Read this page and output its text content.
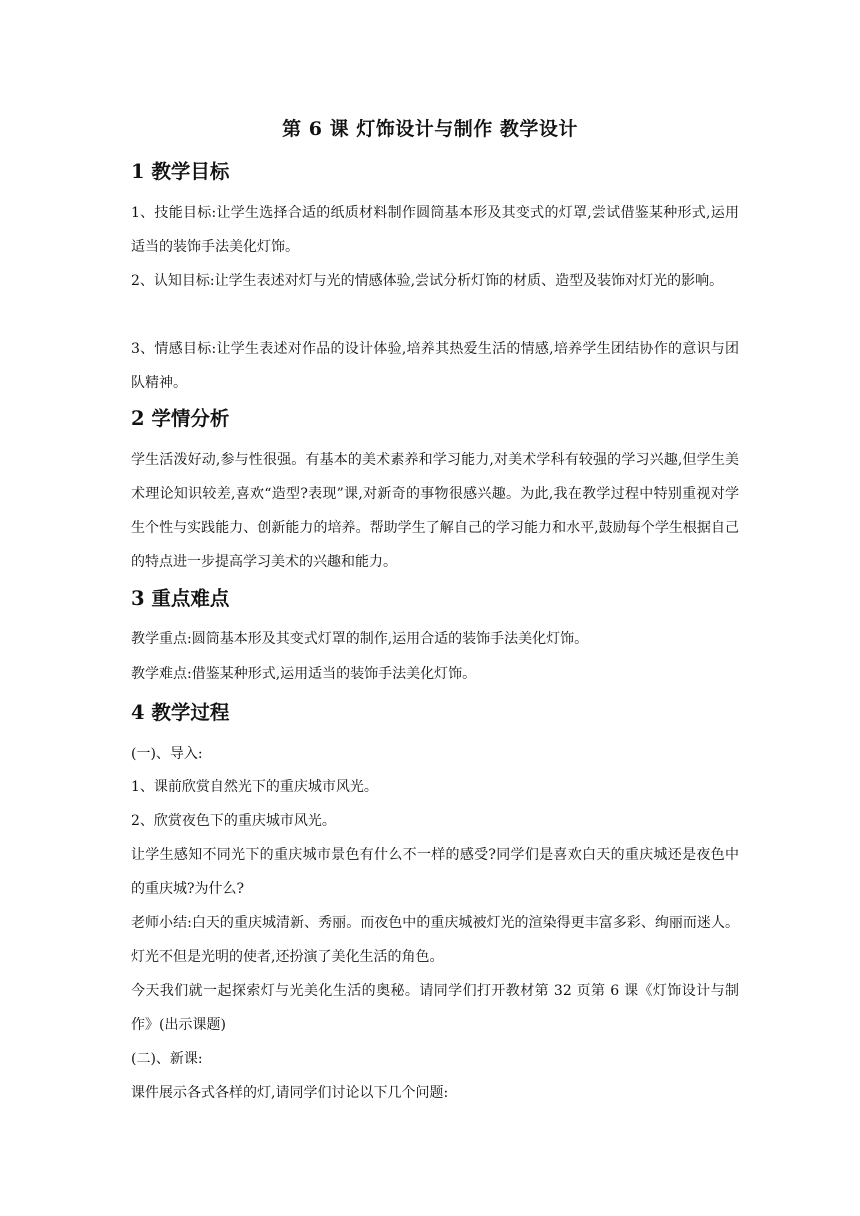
第 6 课 灯饰设计与制作 教学设计
1 教学目标

1、技能目标:让学生选择合适的纸质材料制作圆筒基本形及其变式的灯罩,尝试借鉴某种形式,运用适当的装饰手法美化灯饰。

2、认知目标:让学生表述对灯与光的情感体验,尝试分析灯饰的材质、造型及装饰对灯光的影响。

3、情感目标:让学生表述对作品的设计体验,培养其热爱生活的情感,培养学生团结协作的意识与团队精神。

2 学情分析

学生活泼好动,参与性很强。有基本的美术素养和学习能力,对美术学科有较强的学习兴趣,但学生美术理论知识较差,喜欢“造型?表现”课,对新奇的事物很感兴趣。为此,我在教学过程中特别重视对学生个性与实践能力、创新能力的培养。帮助学生了解自己的学习能力和水平,鼓励每个学生根据自己的特点进一步提高学习美术的兴趣和能力。

3 重点难点

教学重点:圆筒基本形及其变式灯罩的制作,运用合适的装饰手法美化灯饰。

教学难点:借鉴某种形式,运用适当的装饰手法美化灯饰。

4 教学过程

(一)、导入:

1、课前欣赏自然光下的重庆城市风光。

2、欣赏夜色下的重庆城市风光。

让学生感知不同光下的重庆城市景色有什么不一样的感受?同学们是喜欢白天的重庆城还是夜色中的重庆城?为什么?

老师小结:白天的重庆城清新、秀丽。而夜色中的重庆城被灯光的渲染得更丰富多彩、绚丽而迷人。灯光不但是光明的使者,还扮演了美化生活的角色。

今天我们就一起探索灯与光美化生活的奥秘。请同学们打开教材第 32 页第 6 课《灯饰设计与制作》(出示课题)

(二)、新课:

课件展示各式各样的灯,请同学们讨论以下几个问题:
